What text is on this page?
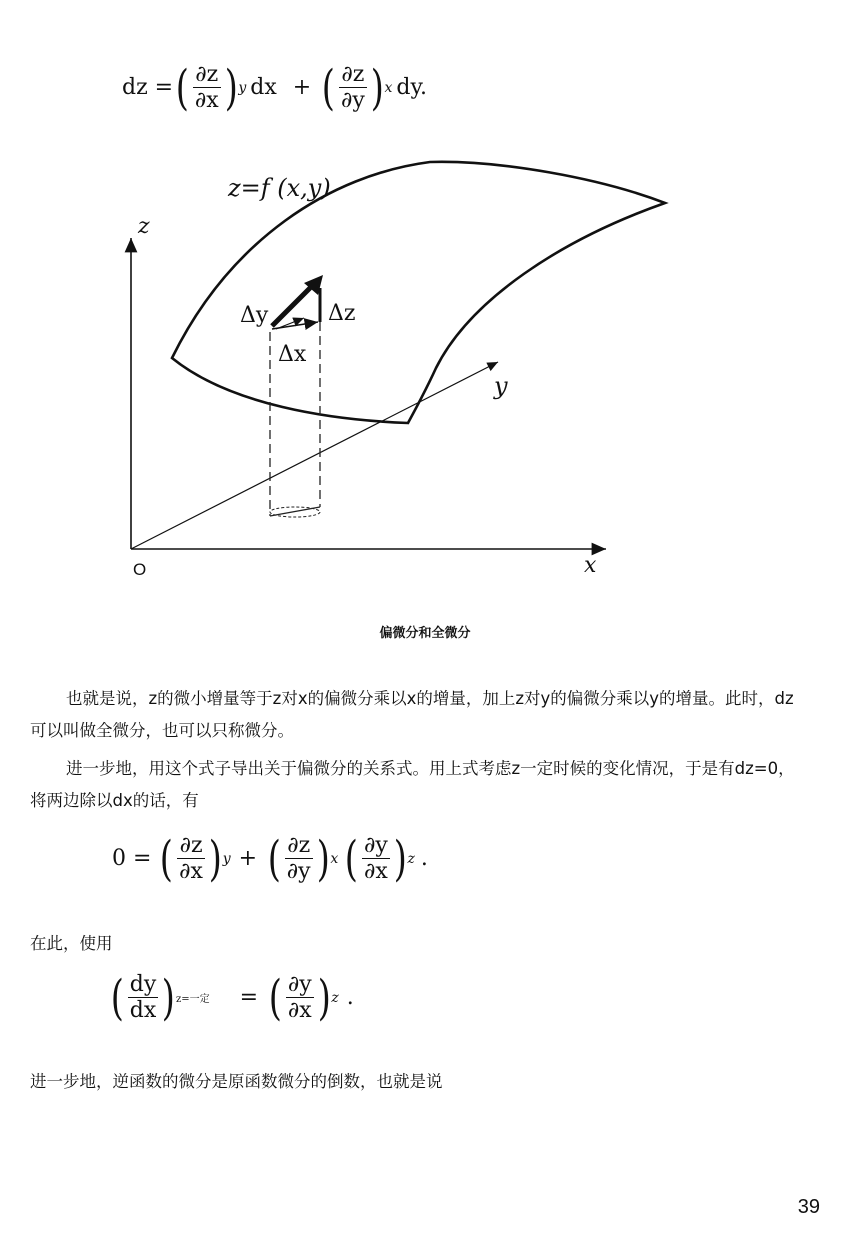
dz = ( $\frac{\partial z}{\partial x}$ ) y dx + ( $\frac{\partial z}{\partial y}$ ) x dy.
z=f (x,y)
z
y
x
O
Δy	Δz
Δx
偏微分和全微分
也就是说，z的微小增量等于z对x的偏微分乘以x的增量，加上z对y的偏微分乘以y的增量。此时，dz可以叫做全微分，也可以只称微分。
进一步地，用这个式子导出关于偏微分的关系式。用上式考虑z一定时候的变化情况，于是有dz=0，将两边除以dx的话，有
0 = ( $\frac{\partial z}{\partial x}$ ) y + ( $\frac{\partial z}{\partial y}$ ) x ( $\frac{\partial y}{\partial x}$ ) z .
在此，使用
( $\frac{dy}{dx}$ ) z=一定 = ( $\frac{\partial y}{\partial x}$ ) z .
进一步地，逆函数的微分是原函数微分的倒数，也就是说
39
